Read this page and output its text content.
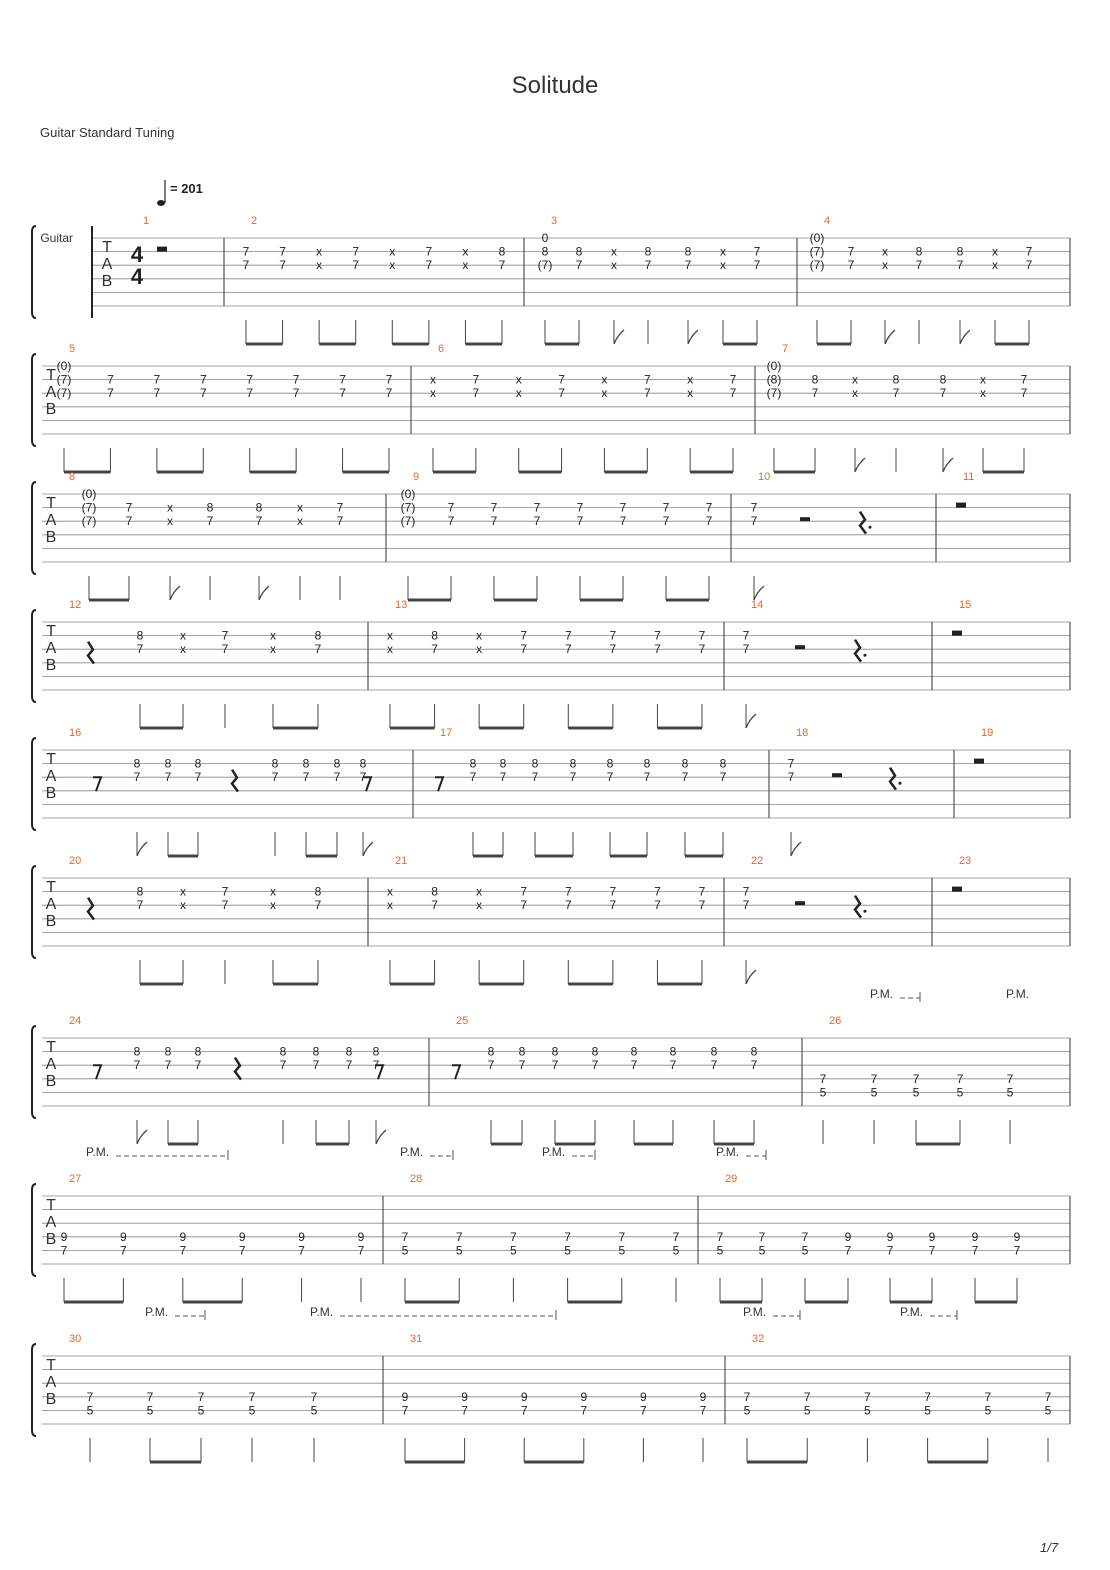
Solitude
Guitar Standard Tuning
1/7
T
A
B
1	2
7
7
7
7
x
x
7
7
x
x
7
7
x
x
8
7
3
0
8
(7)
8
7
x
x
8
7
8
7
x
x
7
7
4
(0)
(7)
(7)
7
7
x
x
8
7
8
7
x
x
7
7
Guitar
4
4
= 201
T
A
B
5
(0)
(7)
(7)
7
7
7
7
7
7
7
7
7
7
7
7
7
7
6
x
x
7
7
x
x
7
7
x
x
7
7
x
x
7
7
7
(0)
(8)
(7)
8
7
x
x
8
7
8
7
x
x
7
7
T
A
B
8
(0)
(7)
(7)
7
7
x
x
8
7
8
7
x
x
7
7
9
(0)
(7)
(7)
7
7
7
7
7
7
7
7
7
7
7
7
7
7
10
7
7
11
T
A
B
12
8
7
x
x
7
7
x
x
8
7
13
x
x
8
7
x
x
7
7
7
7
7
7
7
7
7
7
14
7
7
15
T
A
B
16
8
7
8
7
8
7
8
7
8
7
8
7
8
7
17
8
7
8
7
8
7
8
7
8
7
8
7
8
7
8
7
18
7
7
19
T
A
B
20
8
7
x
x
7
7
x
x
8
7
21
x
x
8
7
x
x
7
7
7
7
7
7
7
7
7
7
22
7
7
23
T
A
B
24
8
7
8
7
8
7
8
7
8
7
8
7
8
7
25
8
7
8
7
8
7
8
7
8
7
8
7
8
7
8
7
26
7
5
7
5
7
5
7
5
7
5
T
A
B
27
9
7
9
7
9
7
9
7
9
7
9
7
28
7
5
7
5
7
5
7
5
7
5
7
5
29
7
5
7
5
7
5
9
7
9
7
9
7
9
7
9
7
T
A
B
30
7
5
7
5
7
5
7
5
7
5
31
9
7
9
7
9
7
9
7
9
7
9
7
32
7
5
7
5
7
5
7
5
7
5
7
5
P.M.	P.M.
P.M.	P.M.	P.M.	P.M.
P.M.	P.M.	P.M.	P.M.
